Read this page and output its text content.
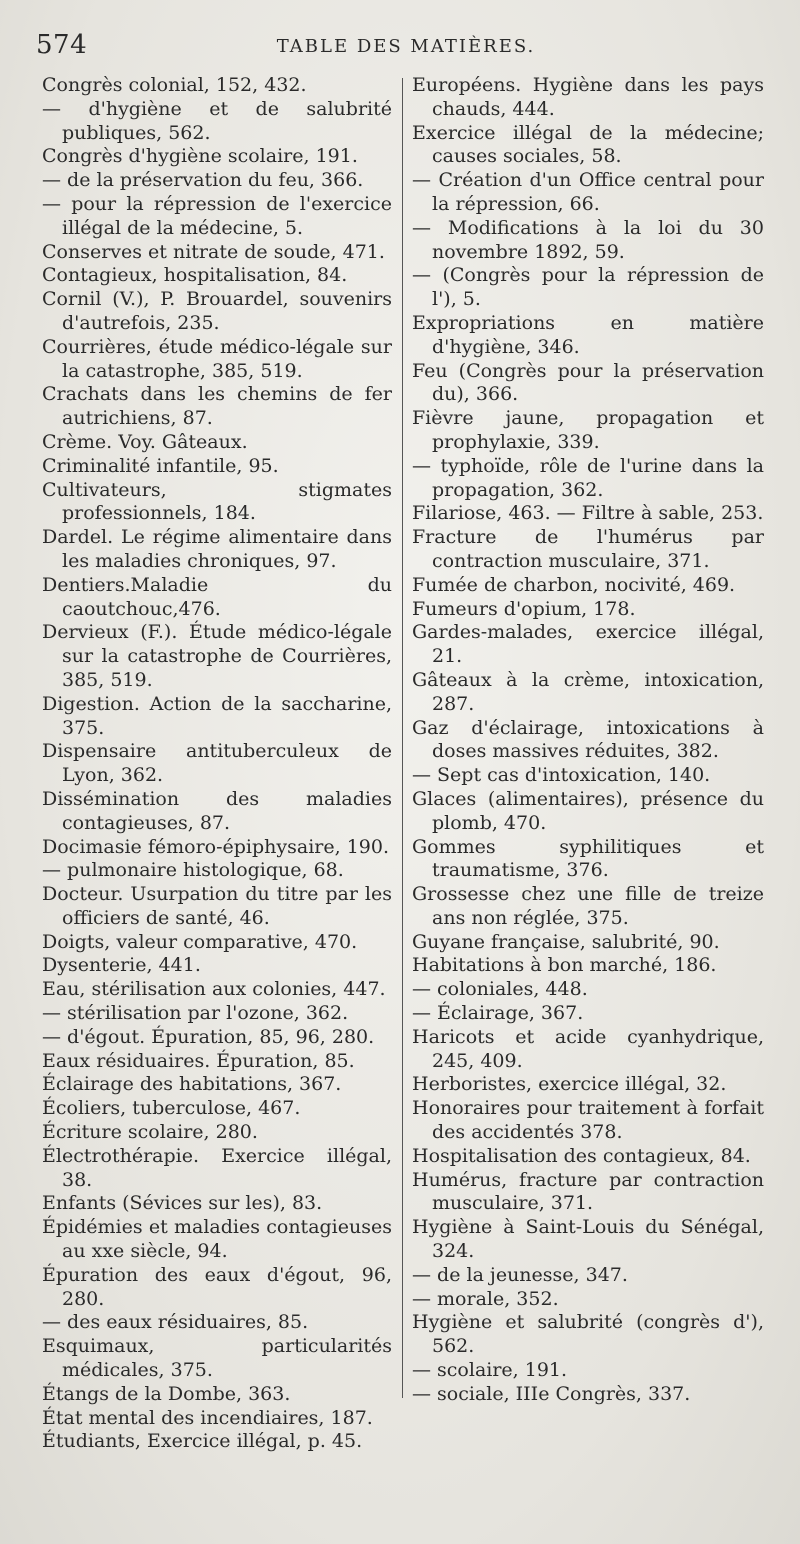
574	TABLE DES MATIÈRES.
Congrès colonial, 152, 432.
— d'hygiène et de salubrité publiques, 562.
Congrès d'hygiène scolaire, 191.
— de la préservation du feu, 366.
— pour la répression de l'exercice illégal de la médecine, 5.
Conserves et nitrate de soude, 471.
Contagieux, hospitalisation, 84.
Cornil (V.), P. Brouardel, souvenirs d'autrefois, 235.
Courrières, étude médico-légale sur la catastrophe, 385, 519.
Crachats dans les chemins de fer autrichiens, 87.
Crème. Voy. Gâteaux.
Criminalité infantile, 95.
Cultivateurs, stigmates professionnels, 184.
Dardel. Le régime alimentaire dans les maladies chroniques, 97.
Dentiers.Maladie du caoutchouc,476.
Dervieux (F.). Étude médico-légale sur la catastrophe de Courrières, 385, 519.
Digestion. Action de la saccharine, 375.
Dispensaire antituberculeux de Lyon, 362.
Dissémination des maladies contagieuses, 87.
Docimasie fémoro-épiphysaire, 190.
— pulmonaire histologique, 68.
Docteur. Usurpation du titre par les officiers de santé, 46.
Doigts, valeur comparative, 470.
Dysenterie, 441.
Eau, stérilisation aux colonies, 447.
— stérilisation par l'ozone, 362.
— d'égout. Épuration, 85, 96, 280.
Eaux résiduaires. Épuration, 85.
Éclairage des habitations, 367.
Écoliers, tuberculose, 467.
Écriture scolaire, 280.
Électrothérapie. Exercice illégal, 38.
Enfants (Sévices sur les), 83.
Épidémies et maladies contagieuses au xxe siècle, 94.
Épuration des eaux d'égout, 96, 280.
— des eaux résiduaires, 85.
Esquimaux, particularités médicales, 375.
Étangs de la Dombe, 363.
État mental des incendiaires, 187.
Étudiants, Exercice illégal, p. 45.
Européens. Hygiène dans les pays chauds, 444.
Exercice illégal de la médecine; causes sociales, 58.
— Création d'un Office central pour la répression, 66.
— Modifications à la loi du 30 novembre 1892, 59.
— (Congrès pour la répression de l'), 5.
Expropriations en matière d'hygiène, 346.
Feu (Congrès pour la préservation du), 366.
Fièvre jaune, propagation et prophylaxie, 339.
— typhoïde, rôle de l'urine dans la propagation, 362.
Filariose, 463. — Filtre à sable, 253.
Fracture de l'humérus par contraction musculaire, 371.
Fumée de charbon, nocivité, 469.
Fumeurs d'opium, 178.
Gardes-malades, exercice illégal, 21.
Gâteaux à la crème, intoxication, 287.
Gaz d'éclairage, intoxications à doses massives réduites, 382.
— Sept cas d'intoxication, 140.
Glaces (alimentaires), présence du plomb, 470.
Gommes syphilitiques et traumatisme, 376.
Grossesse chez une fille de treize ans non réglée, 375.
Guyane française, salubrité, 90.
Habitations à bon marché, 186.
— coloniales, 448.
— Éclairage, 367.
Haricots et acide cyanhydrique, 245, 409.
Herboristes, exercice illégal, 32.
Honoraires pour traitement à forfait des accidentés 378.
Hospitalisation des contagieux, 84.
Humérus, fracture par contraction musculaire, 371.
Hygiène à Saint-Louis du Sénégal, 324.
— de la jeunesse, 347.
— morale, 352.
Hygiène et salubrité (congrès d'), 562.
— scolaire, 191.
— sociale, IIIe Congrès, 337.
